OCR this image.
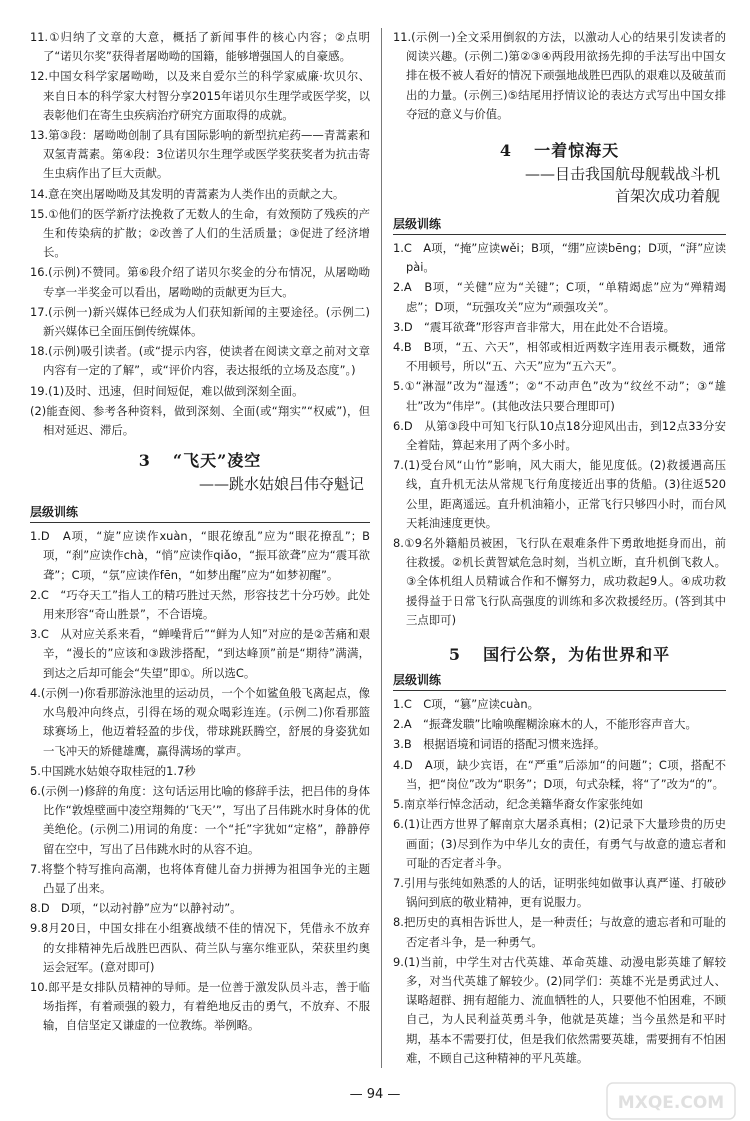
11.①归纳了文章的大意，概括了新闻事件的核心内容；②点明了“诺贝尔奖”获得者屠呦呦的国籍，能够增强国人的自豪感。

12.中国女科学家屠呦呦，以及来自爱尔兰的科学家威廉·坎贝尔、来自日本的科学家大村智分享2015年诺贝尔生理学或医学奖，以表彰他们在寄生虫疾病治疗研究方面取得的成就。

13.第③段：屠呦呦创制了具有国际影响的新型抗疟药——青蒿素和双氢青蒿素。第④段：3位诺贝尔生理学或医学奖获奖者为抗击寄生虫病作出了巨大贡献。

14.意在突出屠呦呦及其发明的青蒿素为人类作出的贡献之大。

15.①他们的医学新疗法挽救了无数人的生命，有效预防了残疾的产生和传染病的扩散；②改善了人们的生活质量；③促进了经济增长。

16.(示例)不赞同。第⑥段介绍了诺贝尔奖金的分布情况，从屠呦呦专享一半奖金可以看出，屠呦呦的贡献更为巨大。

17.(示例一)新兴媒体已经成为人们获知新闻的主要途径。(示例二)新兴媒体已全面压倒传统媒体。

18.(示例)吸引读者。(或“提示内容，使读者在阅读文章之前对文章内容有一定的了解”，或“评价内容，表达报纸的立场及态度”。)

19.(1)及时、迅速，但时间短促，难以做到深刻全面。

(2)能查阅、参考各种资料，做到深刻、全面(或“翔实”“权威”)，但相对延迟、滞后。

3 “飞天”凌空
——跳水姑娘吕伟夺魁记
层级训练

1.D　A项，“旋”应读作xuàn，“眼花缭乱”应为“眼花撩乱”；B项，“刹”应读作chà，“悄”应读作qiǎo，“振耳欲聋”应为“震耳欲聋”；C项，“氛”应读作fēn，“如梦出醒”应为“如梦初醒”。

2.C　“巧夺天工”指人工的精巧胜过天然，形容技艺十分巧妙。此处用来形容“奇山胜景”，不合语境。

3.C　从对应关系来看，“蝉噪背后”“鲜为人知”对应的是②苦痛和艰辛，“漫长的”应该和③跋涉搭配，“到达峰顶”前是“期待”满满，到达之后却可能会“失望”即①。所以选C。

4.(示例一)你看那游泳池里的运动员，一个个如鲨鱼般飞离起点，像水鸟般冲向终点，引得在场的观众喝彩连连。(示例二)你看那篮球赛场上，他迈着轻盈的步伐，带球跳跃腾空，舒展的身姿犹如一飞冲天的矫健雄鹰，赢得满场的掌声。

5.中国跳水姑娘夺取桂冠的1.7秒

6.(示例一)修辞的角度：这句话运用比喻的修辞手法，把吕伟的身体比作“敦煌壁画中凌空翔舞的‘飞天’”，写出了吕伟跳水时身体的优美绝伦。(示例二)用词的角度：一个“托”字犹如“定格”，静静停留在空中，写出了吕伟跳水时的从容不迫。

7.将整个特写推向高潮，也将体育健儿奋力拼搏为祖国争光的主题凸显了出来。

8.D　D项，“以动衬静”应为“以静衬动”。

9.8月20日，中国女排在小组赛战绩不佳的情况下，凭借永不放弃的女排精神先后战胜巴西队、荷兰队与塞尔维亚队，荣获里约奥运会冠军。(意对即可)

10.郎平是女排队员精神的导师。是一位善于激发队员斗志，善于临场指挥，有着顽强的毅力，有着绝地反击的勇气，不放弃、不服输，自信坚定又谦虚的一位教练。举例略。

11.(示例一)全文采用倒叙的方法，以激动人心的结果引发读者的阅读兴趣。(示例二)第②③④两段用欲扬先抑的手法写出中国女排在极不被人看好的情况下顽强地战胜巴西队的艰难以及破茧而出的力量。(示例三)⑤结尾用抒情议论的表达方式写出中国女排夺冠的意义与价值。

4 一着惊海天
——目击我国航母舰载战斗机
首架次成功着舰
层级训练

1.C　A项，“掩”应读wěi；B项，“绷”应读bēng；D项，“湃”应读pài。

2.A　B项，“关健”应为“关键”；C项，“单精竭虑”应为“殚精竭虑”；D项，“玩强攻关”应为“顽强攻关”。

3.D　“震耳欲聋”形容声音非常大，用在此处不合语境。

4.B　B项，“五、六天”，相邻或相近两数字连用表示概数，通常不用顿号，所以“五、六天”应为“五六天”。

5.①“淋湿”改为“湿透”；②“不动声色”改为“纹丝不动”；③“雄壮”改为“伟岸”。(其他改法只要合理即可)

6.D　从第③段中可知飞行队10点18分迎风出击，到12点33分安全着陆，算起来用了两个多小时。

7.(1)受台风“山竹”影响，风大雨大，能见度低。(2)救援遇高压线，直升机无法从常规飞行角度接近出事的货船。(3)往返520公里，距离遥远。直升机油箱小，正常飞行只够四小时，而台风天耗油速度更快。

8.①9名外籍船员被困，飞行队在艰难条件下勇敢地挺身而出，前往救援。②机长黄智斌危急时刻，当机立断，直升机倒飞救人。③全体机组人员精诚合作和不懈努力，成功救起9人。④成功救援得益于日常飞行队高强度的训练和多次救援经历。(答到其中三点即可)

5 国行公祭，为佑世界和平
层级训练

1.C　C项，“篡”应读cuàn。

2.A　“振聋发聩”比喻唤醒糊涂麻木的人，不能形容声音大。

3.B　根据语境和词语的搭配习惯来选择。

4.D　A项，缺少宾语，在“严重”后添加“的问题”；C项，搭配不当，把“岗位”改为“职务”；D项，句式杂糅，将“了”改为“的”。

5.南京举行悼念活动，纪念美籍华裔女作家张纯如

6.(1)让西方世界了解南京大屠杀真相；(2)记录下大量珍贵的历史画面；(3)尽到作为中华儿女的责任，有勇气与故意的遗忘者和可耻的否定者斗争。

7.引用与张纯如熟悉的人的话，证明张纯如做事认真严谨、打破砂锅问到底的敬业精神，更有说服力。

8.把历史的真相告诉世人，是一种责任；与故意的遗忘者和可耻的否定者斗争，是一种勇气。

9.(1)当前，中学生对古代英雄、革命英雄、动漫电影英雄了解较多，对当代英雄了解较少。(2)同学们：英雄不光是勇武过人、谋略超群、拥有超能力、流血牺牲的人，只要他不怕困难，不顾自己，为人民利益英勇斗争，他就是英雄；当今虽然是和平时期，基本不需要打仗，但是我们依然需要英雄，需要拥有不怕困难，不顾自己这种精神的平凡英雄。

— 94 —	MXQE.COM
